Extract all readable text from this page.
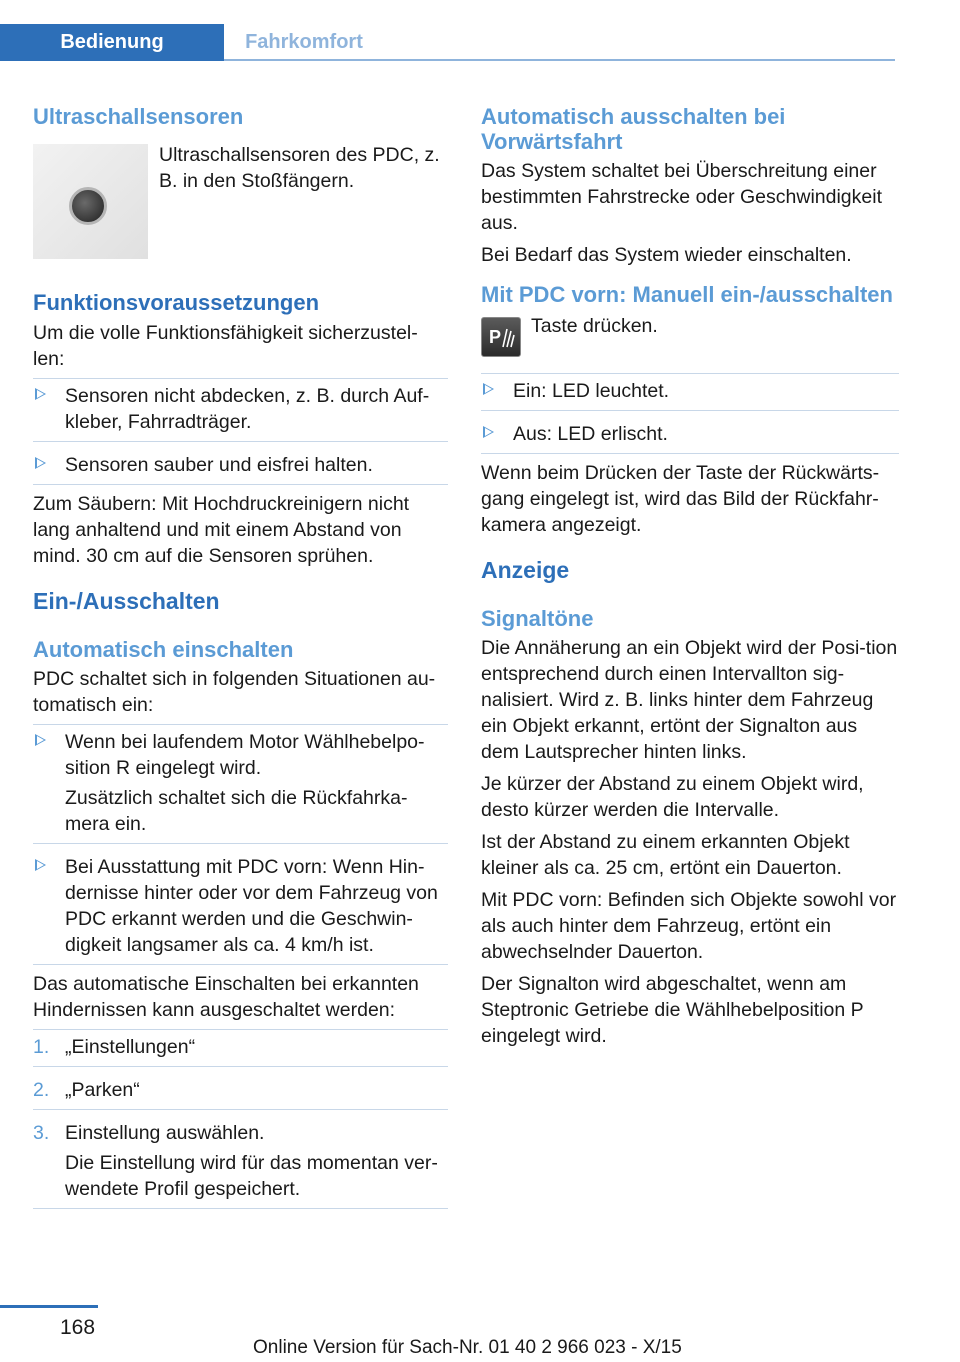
Bedienung	Fahrkomfort
Ultraschallsensoren
Ultraschallsensoren des PDC, z. B. in den Stoßfängern.
Funktionsvoraussetzungen
Um die volle Funktionsfähigkeit sicherzustel‐len:
Sensoren nicht abdecken, z. B. durch Auf‐kleber, Fahrradträger.
Sensoren sauber und eisfrei halten.
Zum Säubern: Mit Hochdruckreinigern nicht lang anhaltend und mit einem Abstand von mind. 30 cm auf die Sensoren sprühen.
Ein-/Ausschalten
Automatisch einschalten
PDC schaltet sich in folgenden Situationen au‐tomatisch ein:
Wenn bei laufendem Motor Wählhebelpo‐sition R eingelegt wird.
Zusätzlich schaltet sich die Rückfahrka‐mera ein.
Bei Ausstattung mit PDC vorn: Wenn Hin‐dernisse hinter oder vor dem Fahrzeug von PDC erkannt werden und die Geschwin‐digkeit langsamer als ca. 4 km/h ist.
Das automatische Einschalten bei erkannten Hindernissen kann ausgeschaltet werden:
1. „Einstellungen“
2. „Parken“
3. Einstellung auswählen.
Die Einstellung wird für das momentan ver‐wendete Profil gespeichert.
Automatisch ausschalten bei Vorwärtsfahrt
Das System schaltet bei Überschreitung einer bestimmten Fahrstrecke oder Geschwindigkeit aus.
Bei Bedarf das System wieder einschalten.
Mit PDC vorn: Manuell ein-/ausschalten
P Taste drücken.
Ein: LED leuchtet.
Aus: LED erlischt.
Wenn beim Drücken der Taste der Rückwärts‐gang eingelegt ist, wird das Bild der Rückfahr‐kamera angezeigt.
Anzeige
Signaltöne
Die Annäherung an ein Objekt wird der Posi‐tion entsprechend durch einen Intervallton sig‐nalisiert. Wird z. B. links hinter dem Fahrzeug ein Objekt erkannt, ertönt der Signalton aus dem Lautsprecher hinten links.
Je kürzer der Abstand zu einem Objekt wird, desto kürzer werden die Intervalle.
Ist der Abstand zu einem erkannten Objekt kleiner als ca. 25 cm, ertönt ein Dauerton.
Mit PDC vorn: Befinden sich Objekte sowohl vor als auch hinter dem Fahrzeug, ertönt ein abwechselnder Dauerton.
Der Signalton wird abgeschaltet, wenn am Steptronic Getriebe die Wählhebelposition P eingelegt wird.
168
Online Version für Sach-Nr. 01 40 2 966 023 - X/15
